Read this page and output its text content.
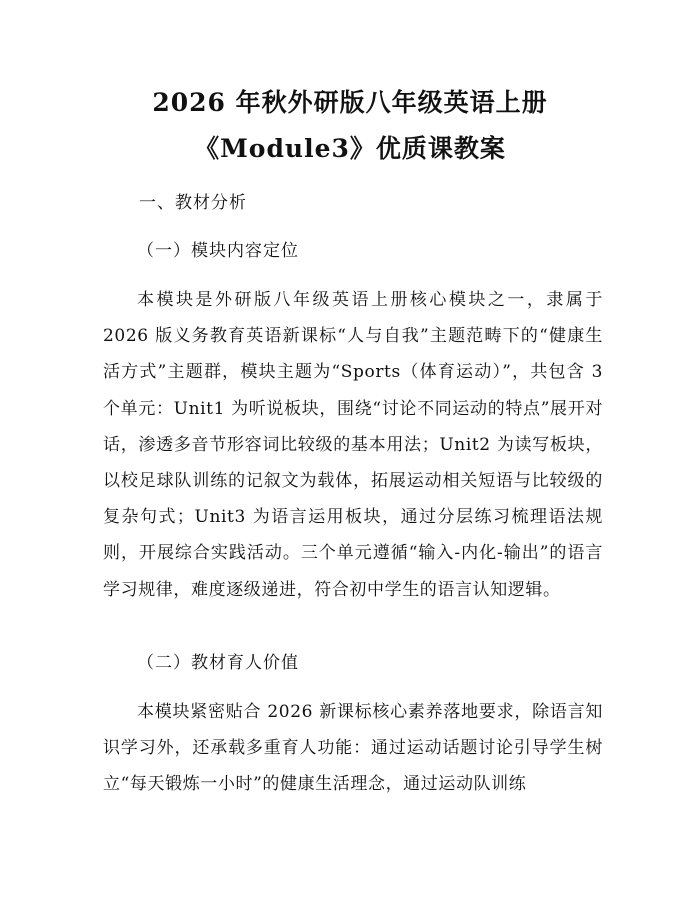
2026 年秋外研版八年级英语上册
《Module3》优质课教案
一、教材分析
（一）模块内容定位
本模块是外研版八年级英语上册核心模块之一，隶属于 2026 版义务教育英语新课标“人与自我”主题范畴下的“健康生活方式”主题群，模块主题为“Sports（体育运动）”，共包含 3 个单元：Unit1 为听说板块，围绕“讨论不同运动的特点”展开对话，渗透多音节形容词比较级的基本用法；Unit2 为读写板块，以校足球队训练的记叙文为载体，拓展运动相关短语与比较级的复杂句式；Unit3 为语言运用板块，通过分层练习梳理语法规则，开展综合实践活动。三个单元遵循“输入-内化-输出”的语言学习规律，难度逐级递进，符合初中学生的语言认知逻辑。
（二）教材育人价值
本模块紧密贴合 2026 新课标核心素养落地要求，除语言知识学习外，还承载多重育人功能：通过运动话题讨论引导学生树立“每天锻炼一小时”的健康生活理念，通过运动队训练
